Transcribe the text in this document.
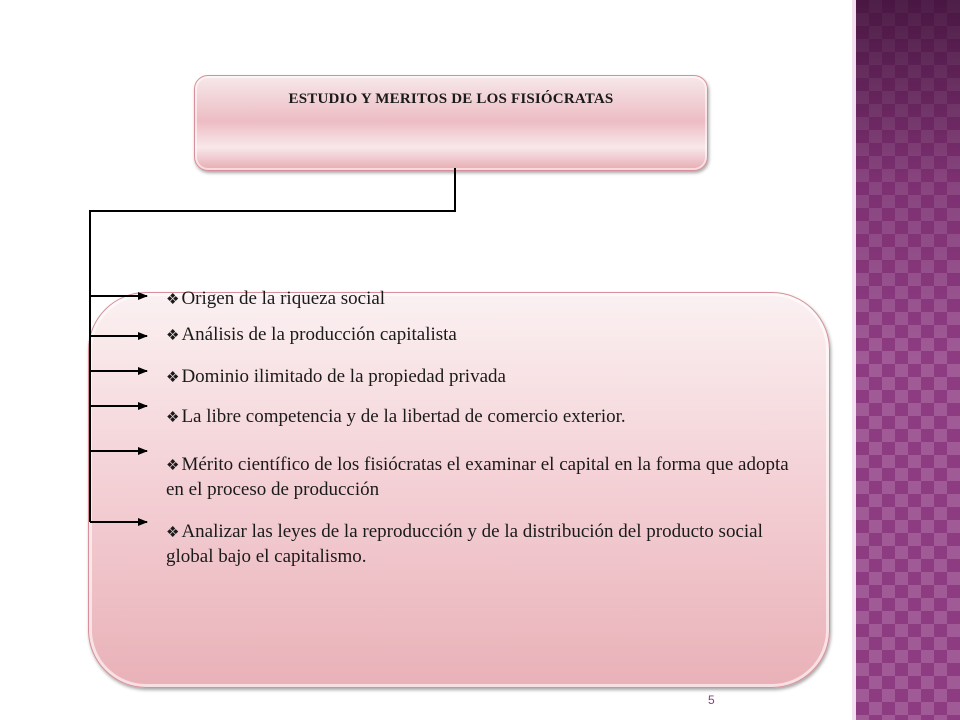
ESTUDIO Y MERITOS DE LOS FISIÓCRATAS
❖ Origen de la riqueza social
❖ Análisis de la producción capitalista
❖ Dominio ilimitado de la propiedad privada
❖ La libre competencia y de la libertad de comercio exterior.
❖ Mérito científico de los fisiócratas el examinar el capital en la forma que adopta en el proceso de producción
❖ Analizar las leyes de la reproducción y de la distribución del producto social global bajo el capitalismo.
5
